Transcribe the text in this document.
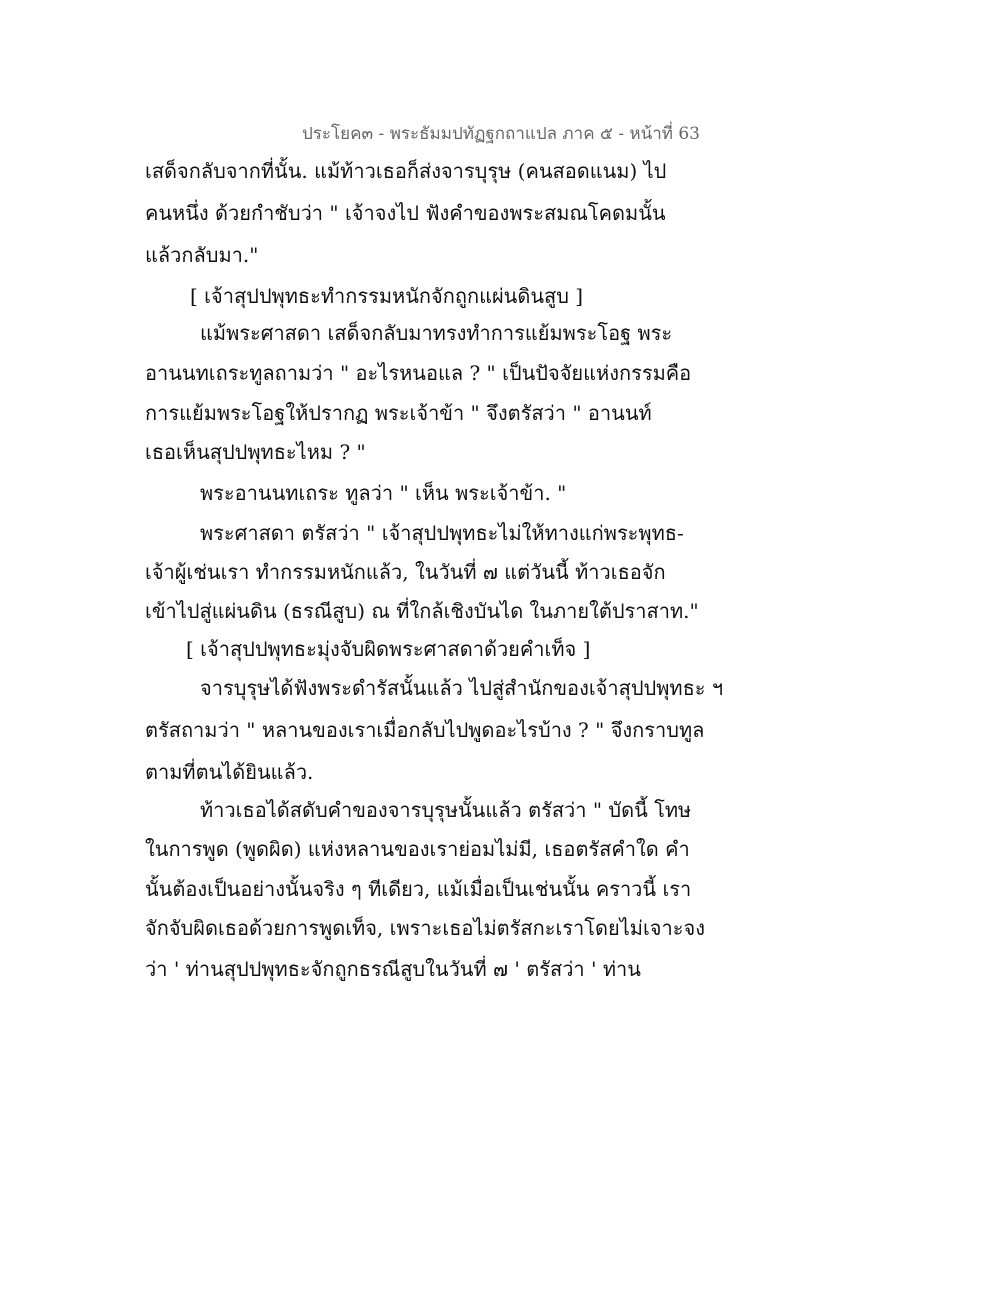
ประโยค๓ - พระธัมมปทัฏฐกถาแปล ภาค ๕ - หน้าที่ 63
เสด็จกลับจากที่นั้น. แม้ท้าวเธอก็ส่งจารบุรุษ (คนสอดแนม) ไป
คนหนึ่ง ด้วยกำชับว่า " เจ้าจงไป ฟังคำของพระสมณโคดมนั้น
แล้วกลับมา."
[ เจ้าสุปปพุทธะทำกรรมหนักจักถูกแผ่นดินสูบ ]
แม้พระศาสดา เสด็จกลับมาทรงทำการแย้มพระโอฐ พระ
อานนทเถระทูลถามว่า " อะไรหนอแล ? " เป็นปัจจัยแห่งกรรมคือ
การแย้มพระโอฐให้ปรากฏ พระเจ้าข้า " จึงตรัสว่า " อานนท์
เธอเห็นสุปปพุทธะไหม ? "
พระอานนทเถระ ทูลว่า " เห็น พระเจ้าข้า. "
พระศาสดา ตรัสว่า " เจ้าสุปปพุทธะไม่ให้ทางแก่พระพุทธ-
เจ้าผู้เช่นเรา ทำกรรมหนักแล้ว, ในวันที่ ๗ แต่วันนี้ ท้าวเธอจัก
เข้าไปสู่แผ่นดิน (ธรณีสูบ) ณ ที่ใกล้เชิงบันได ในภายใต้ปราสาท."
[ เจ้าสุปปพุทธะมุ่งจับผิดพระศาสดาด้วยคำเท็จ ]
จารบุรุษได้ฟังพระดำรัสนั้นแล้ว ไปสู่สำนักของเจ้าสุปปพุทธะ ฯ
ตรัสถามว่า " หลานของเราเมื่อกลับไปพูดอะไรบ้าง ? " จึงกราบทูล
ตามที่ตนได้ยินแล้ว.
ท้าวเธอได้สดับคำของจารบุรุษนั้นแล้ว ตรัสว่า " บัดนี้ โทษ
ในการพูด (พูดผิด) แห่งหลานของเราย่อมไม่มี, เธอตรัสคำใด คำ
นั้นต้องเป็นอย่างนั้นจริง ๆ ทีเดียว, แม้เมื่อเป็นเช่นนั้น คราวนี้ เรา
จักจับผิดเธอด้วยการพูดเท็จ, เพราะเธอไม่ตรัสกะเราโดยไม่เจาะจง
ว่า ' ท่านสุปปพุทธะจักถูกธรณีสูบในวันที่ ๗ ' ตรัสว่า ' ท่าน
